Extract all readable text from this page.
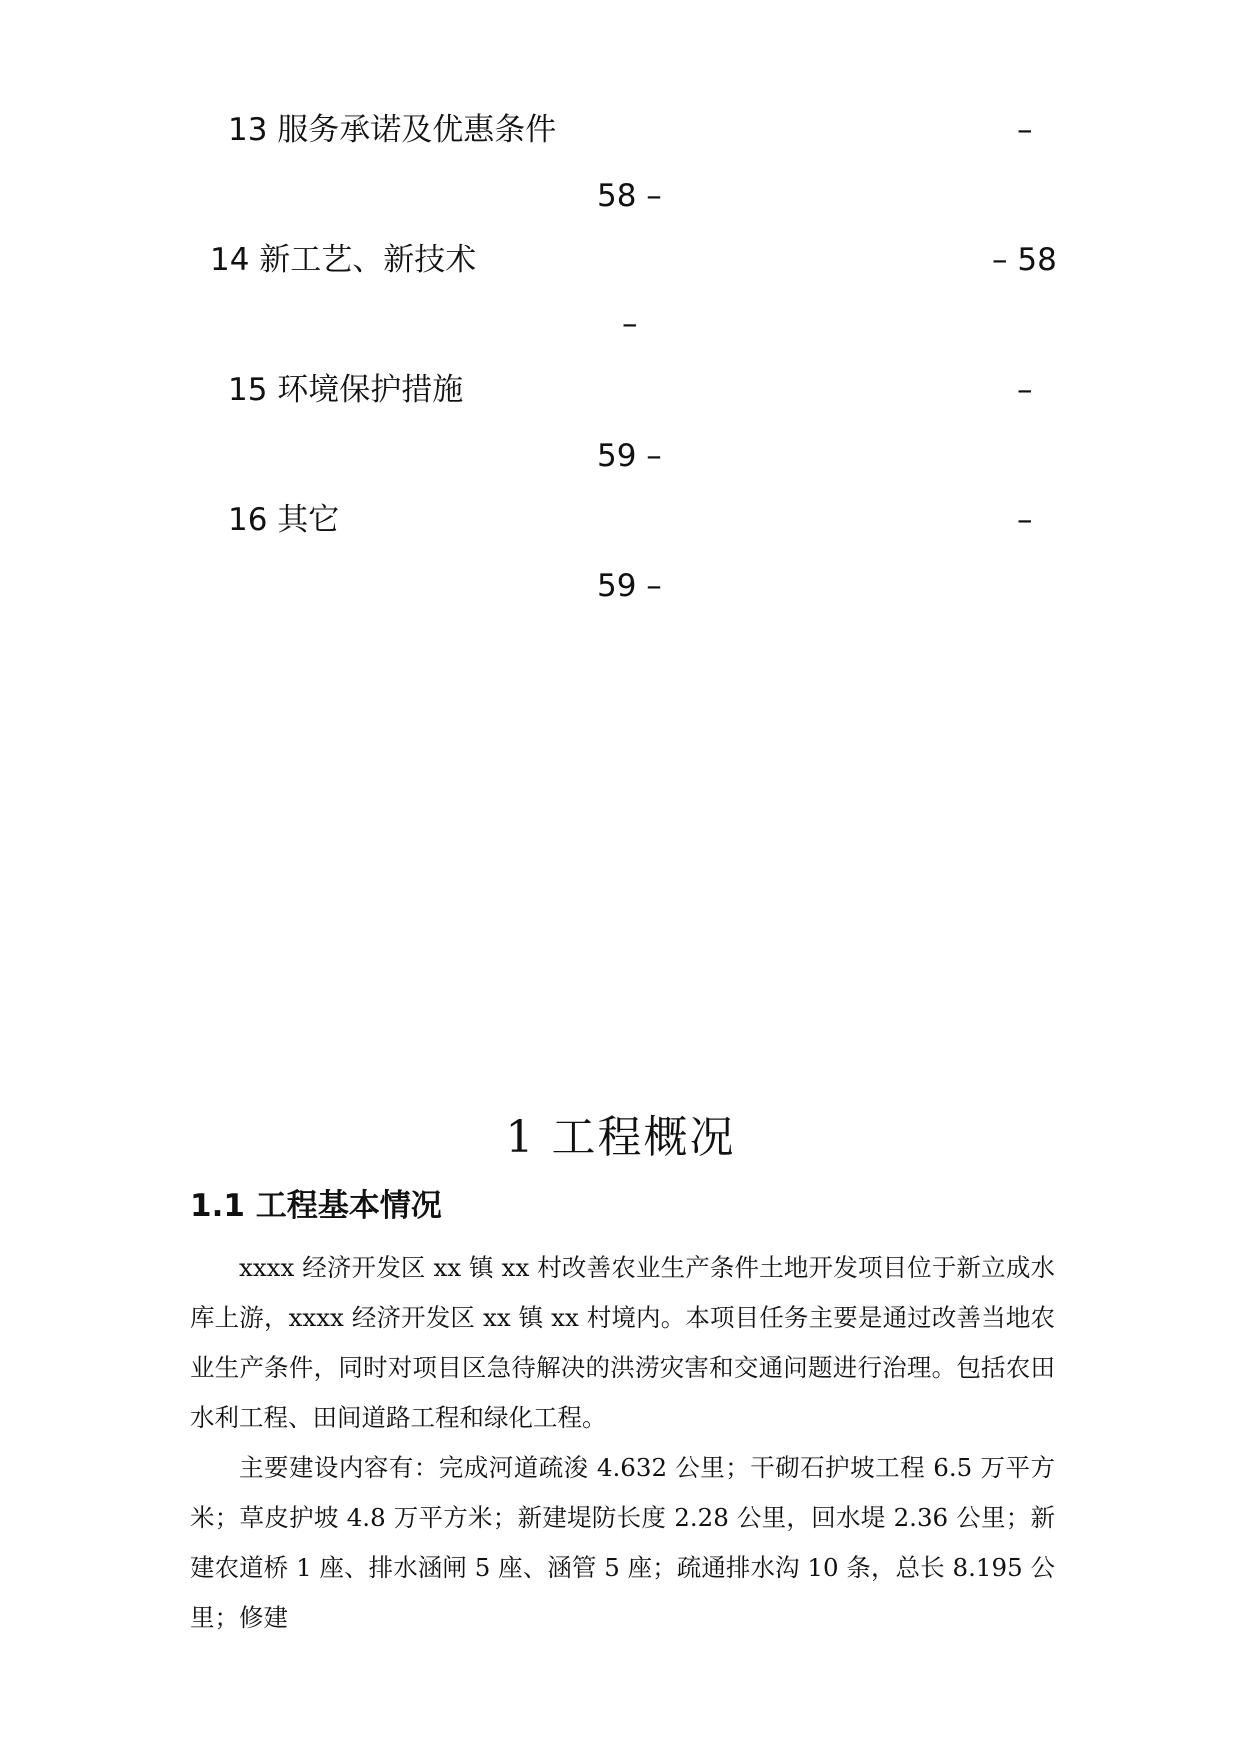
13 服务承诺及优惠条件	–
58 –
14 新工艺、新技术	– 58
–
15 环境保护措施	–
59 –
16 其它	–
59 –
1 工程概况
1.1 工程基本情况

xxxx 经济开发区 xx 镇 xx 村改善农业生产条件土地开发项目位于新立成水库上游，xxxx 经济开发区 xx 镇 xx 村境内。本项目任务主要是通过改善当地农业生产条件，同时对项目区急待解决的洪涝灾害和交通问题进行治理。包括农田水利工程、田间道路工程和绿化工程。

主要建设内容有：完成河道疏浚 4.632 公里；干砌石护坡工程 6.5 万平方米；草皮护坡 4.8 万平方米；新建堤防长度 2.28 公里，回水堤 2.36 公里；新建农道桥 1 座、排水涵闸 5 座、涵管 5 座；疏通排水沟 10 条，总长 8.195 公里；修建
